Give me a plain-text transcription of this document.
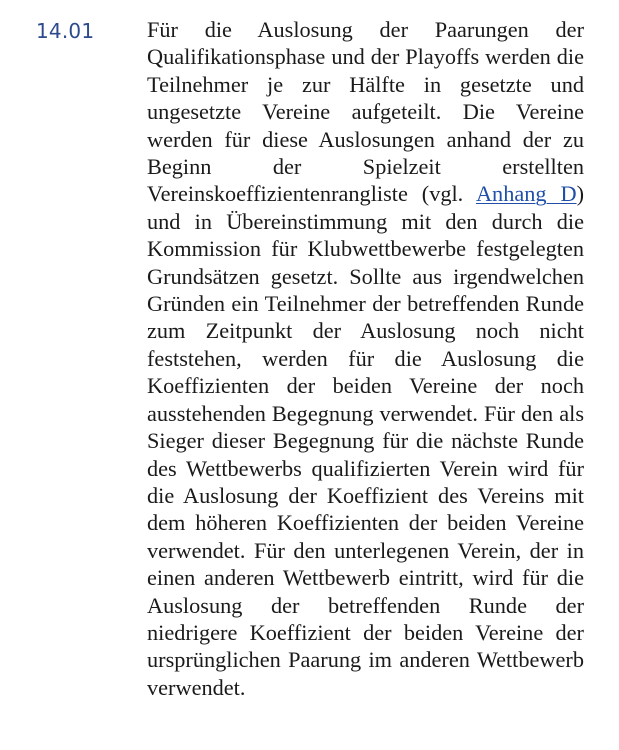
14.01 Für die Auslosung der Paarungen der Qualifikationsphase und der Playoffs werden die Teilnehmer je zur Hälfte in gesetzte und ungesetzte Vereine aufgeteilt. Die Vereine werden für diese Auslosungen anhand der zu Beginn der Spielzeit erstellten Vereinskoeffizientenrangliste (vgl. Anhang D) und in Übereinstimmung mit den durch die Kommission für Klubwettbewerbe festgelegten Grundsätzen gesetzt. Sollte aus irgendwelchen Gründen ein Teilnehmer der betreffenden Runde zum Zeitpunkt der Auslosung noch nicht feststehen, werden für die Auslosung die Koeffizienten der beiden Vereine der noch ausstehenden Begegnung verwendet. Für den als Sieger dieser Begegnung für die nächste Runde des Wettbewerbs qualifizierten Verein wird für die Auslosung der Koeffizient des Vereins mit dem höheren Koeffizienten der beiden Vereine verwendet. Für den unterlegenen Verein, der in einen anderen Wettbewerb eintritt, wird für die Auslosung der betreffenden Runde der niedrigere Koeffizient der beiden Vereine der ursprünglichen Paarung im anderen Wettbewerb verwendet.
